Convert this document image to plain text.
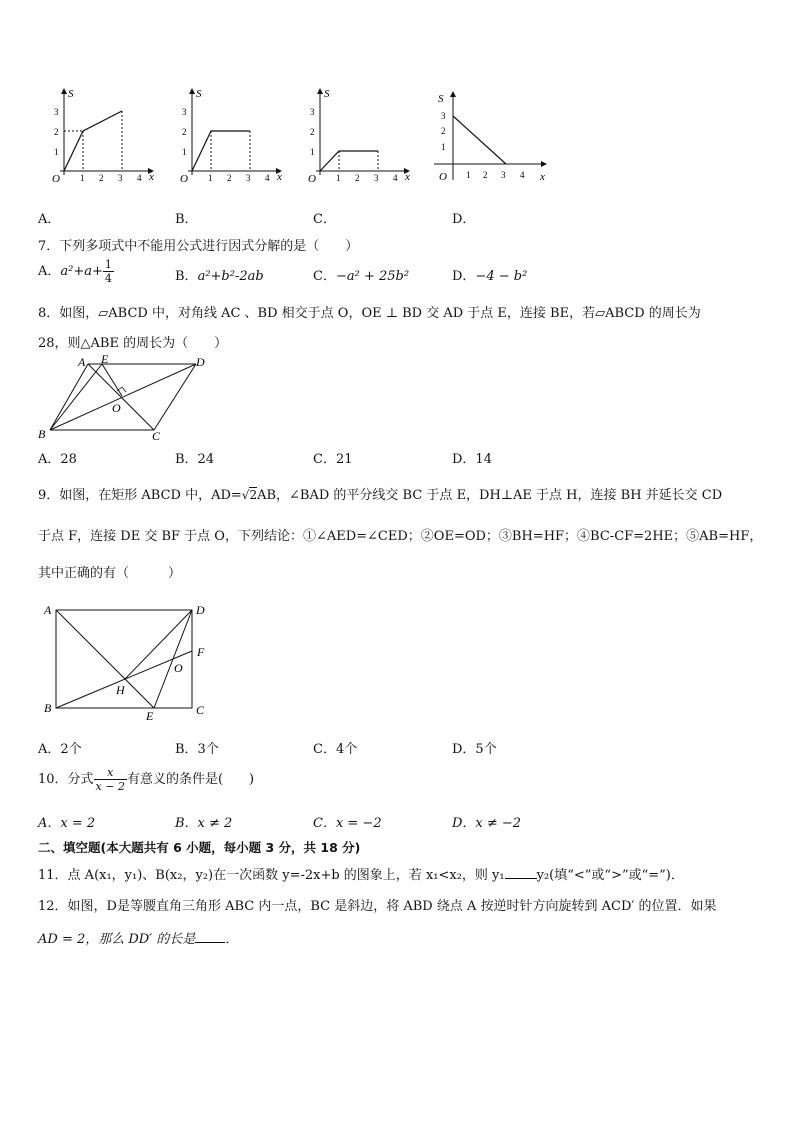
S
x
O
3
2
1
1 2 3 4
S
x
O
3
2
1
1 2 3 4
S
x
O
3
2
1
1 2 3 4
S
x
O
3
2
1
1 2 3 4
A．	B．	C．	D．
7．下列多项式中不能用公式进行因式分解的是（　　）
A．$a^2+a+ \frac{1}{4}$	B．a²+b²-2ab	C．−a² + 25b²	D．−4 − b²
8．如图，▱ABCD 中，对角线 AC 、BD 相交于点 O，OE ⊥ BD 交 AD 于点 E，连接 BE，若▱ABCD 的周长为
28，则△ABE 的周长为（　　）
A E	D
O
B	C
A．28	B．24	C．21	D．14
9．如图，在矩形 ABCD 中，AD=√2AB，∠BAD 的平分线交 BC 于点 E，DH⊥AE 于点 H，连接 BH 并延长交 CD
于点 F，连接 DE 交 BF 于点 O，下列结论：①∠AED=∠CED；②OE=OD；③BH=HF；④BC-CF=2HE；⑤AB=HF，
其中正确的有（　　　）
A	D
F
O
H
B
E	C
A．2个	B．3个	C．4个	D．5个
10．分式 $\frac{x}{x - 2}$ 有意义的条件是(　　)
A．x = 2	B．x ≠ 2	C．x = −2	D．x ≠ −2
二、填空题(本大题共有 6 小题，每小题 3 分，共 18 分)
11．点 A(x₁，y₁)、B(x₂，y₂)在一次函数 y=-2x+b 的图象上，若 x₁<x₂，则 y₁ y₂(填“<”或“>”或“=”)．
12．如图，D是等腰直角三角形 ABC 内一点，BC 是斜边，将 ABD 绕点 A 按逆时针方向旋转到 ACD′ 的位置．如果
AD = 2，那么 DD′ 的长是 ．
